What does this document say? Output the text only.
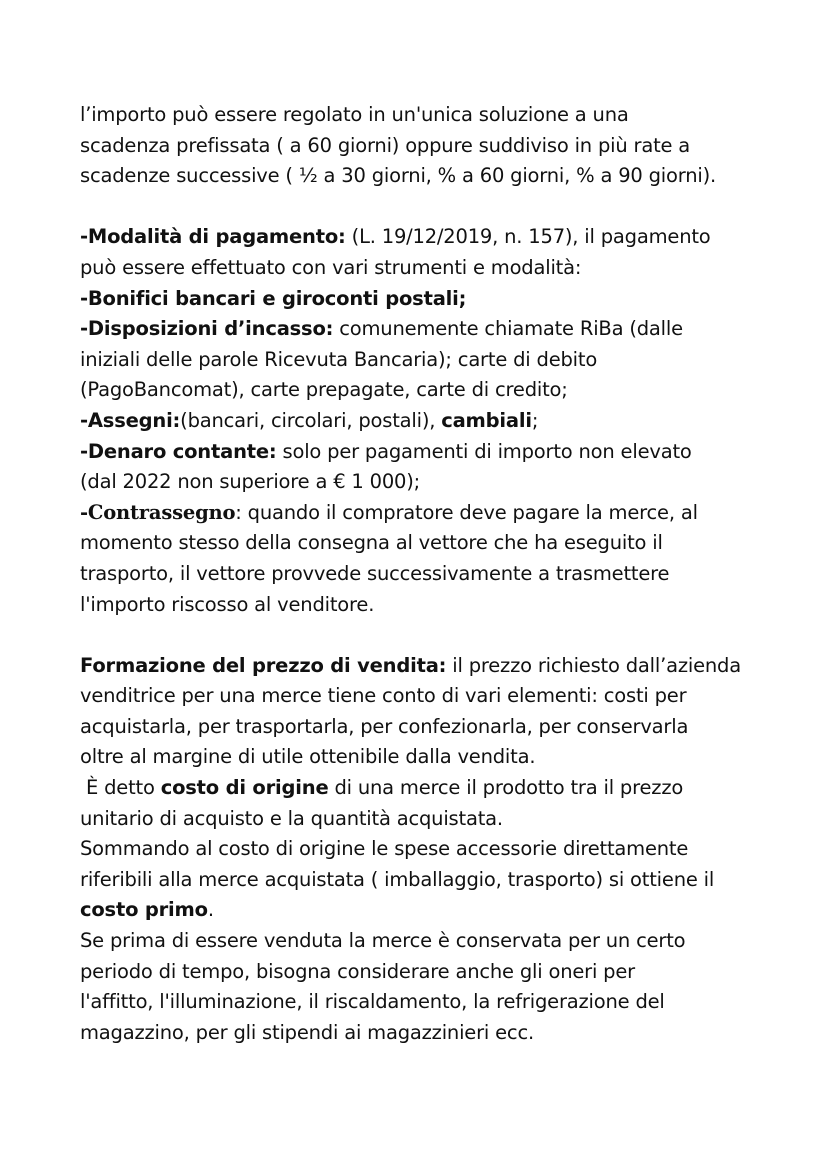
l’importo può essere regolato in un'unica soluzione a una
scadenza prefissata ( a 60 giorni) oppure suddiviso in più rate a
scadenze successive ( ½ a 30 giorni, % a 60 giorni, % a 90 giorni).
-Modalità di pagamento: (L. 19/12/2019, n. 157), il pagamento
può essere effettuato con vari strumenti e modalità:
-Bonifici bancari e giroconti postali;
-Disposizioni d’incasso: comunemente chiamate RiBa (dalle
iniziali delle parole Ricevuta Bancaria); carte di debito
(PagoBancomat), carte prepagate, carte di credito;
-Assegni:(bancari, circolari, postali), cambiali;
-Denaro contante: solo per pagamenti di importo non elevato
(dal 2022 non superiore a € 1 000);
-Contrassegno: quando il compratore deve pagare la merce, al
momento stesso della consegna al vettore che ha eseguito il
trasporto, il vettore provvede successivamente a trasmettere
l'importo riscosso al venditore.
Formazione del prezzo di vendita: il prezzo richiesto dall’azienda
venditrice per una merce tiene conto di vari elementi: costi per
acquistarla, per trasportarla, per confezionarla, per conservarla
oltre al margine di utile ottenibile dalla vendita.
È detto costo di origine di una merce il prodotto tra il prezzo
unitario di acquisto e la quantità acquistata.
Sommando al costo di origine le spese accessorie direttamente
riferibili alla merce acquistata ( imballaggio, trasporto) si ottiene il
costo primo.
Se prima di essere venduta la merce è conservata per un certo
periodo di tempo, bisogna considerare anche gli oneri per
l'affitto, l'illuminazione, il riscaldamento, la refrigerazione del
magazzino, per gli stipendi ai magazzinieri ecc.
